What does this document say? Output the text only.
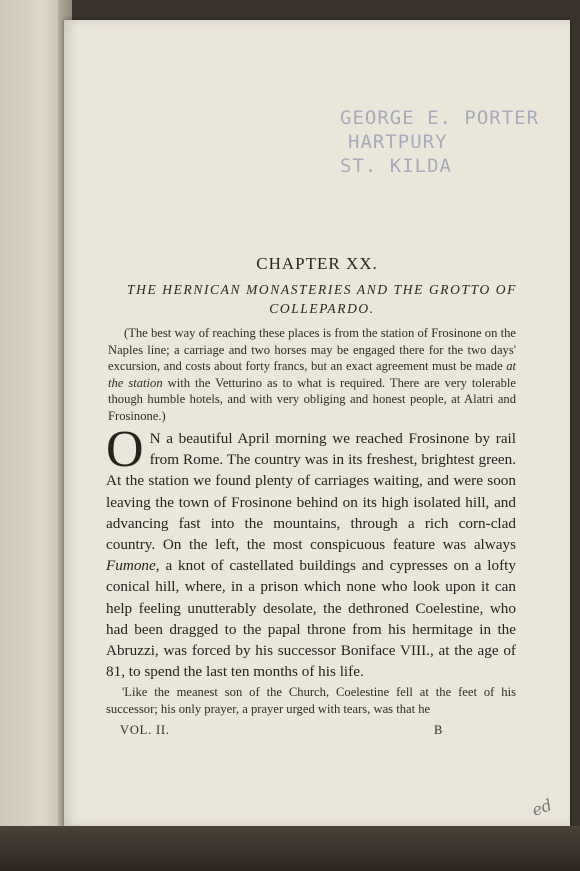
GEORGE E. PORTER
HARTPURY
ST. KILDA
CHAPTER XX.
THE HERNICAN MONASTERIES AND THE GROTTO OF COLLEPARDO.
(The best way of reaching these places is from the station of Frosinone on the Naples line; a carriage and two horses may be engaged there for the two days' excursion, and costs about forty francs, but an exact agreement must be made at the station with the Vetturino as to what is required. There are very tolerable though humble hotels, and with very obliging and honest people, at Alatri and Frosinone.)
O N a beautiful April morning we reached Frosinone by rail from Rome. The country was in its freshest, brightest green. At the station we found plenty of carriages waiting, and were soon leaving the town of Frosinone behind on its high isolated hill, and advancing fast into the mountains, through a rich corn-clad country. On the left, the most conspicuous feature was always Fumone, a knot of castellated buildings and cypresses on a lofty conical hill, where, in a prison which none who look upon it can help feeling unutterably desolate, the dethroned Coelestine, who had been dragged to the papal throne from his hermitage in the Abruzzi, was forced by his successor Boniface VIII., at the age of 81, to spend the last ten months of his life.
'Like the meanest son of the Church, Coelestine fell at the feet of his successor; his only prayer, a prayer urged with tears, was that he
VOL. II.	B
ed
